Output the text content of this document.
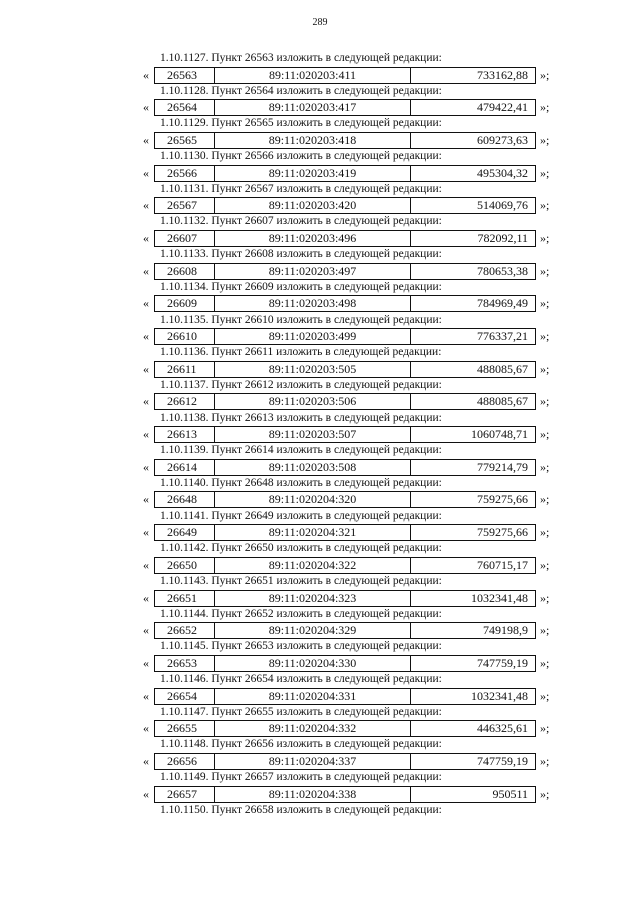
289
1.10.1127. Пункт 26563 изложить в следующей редакции:
«	26563	89:11:020203:411	733162,88	»;
1.10.1128. Пункт 26564 изложить в следующей редакции:
«	26564	89:11:020203:417	479422,41	»;
1.10.1129. Пункт 26565 изложить в следующей редакции:
«	26565	89:11:020203:418	609273,63	»;
1.10.1130. Пункт 26566 изложить в следующей редакции:
«	26566	89:11:020203:419	495304,32	»;
1.10.1131. Пункт 26567 изложить в следующей редакции:
«	26567	89:11:020203:420	514069,76	»;
1.10.1132. Пункт 26607 изложить в следующей редакции:
«	26607	89:11:020203:496	782092,11	»;
1.10.1133. Пункт 26608 изложить в следующей редакции:
«	26608	89:11:020203:497	780653,38	»;
1.10.1134. Пункт 26609 изложить в следующей редакции:
«	26609	89:11:020203:498	784969,49	»;
1.10.1135. Пункт 26610 изложить в следующей редакции:
«	26610	89:11:020203:499	776337,21	»;
1.10.1136. Пункт 26611 изложить в следующей редакции:
«	26611	89:11:020203:505	488085,67	»;
1.10.1137. Пункт 26612 изложить в следующей редакции:
«	26612	89:11:020203:506	488085,67	»;
1.10.1138. Пункт 26613 изложить в следующей редакции:
«	26613	89:11:020203:507	1060748,71	»;
1.10.1139. Пункт 26614 изложить в следующей редакции:
«	26614	89:11:020203:508	779214,79	»;
1.10.1140. Пункт 26648 изложить в следующей редакции:
«	26648	89:11:020204:320	759275,66	»;
1.10.1141. Пункт 26649 изложить в следующей редакции:
«	26649	89:11:020204:321	759275,66	»;
1.10.1142. Пункт 26650 изложить в следующей редакции:
«	26650	89:11:020204:322	760715,17	»;
1.10.1143. Пункт 26651 изложить в следующей редакции:
«	26651	89:11:020204:323	1032341,48	»;
1.10.1144. Пункт 26652 изложить в следующей редакции:
«	26652	89:11:020204:329	749198,9	»;
1.10.1145. Пункт 26653 изложить в следующей редакции:
«	26653	89:11:020204:330	747759,19	»;
1.10.1146. Пункт 26654 изложить в следующей редакции:
«	26654	89:11:020204:331	1032341,48	»;
1.10.1147. Пункт 26655 изложить в следующей редакции:
«	26655	89:11:020204:332	446325,61	»;
1.10.1148. Пункт 26656 изложить в следующей редакции:
«	26656	89:11:020204:337	747759,19	»;
1.10.1149. Пункт 26657 изложить в следующей редакции:
«	26657	89:11:020204:338	950511	»;
1.10.1150. Пункт 26658 изложить в следующей редакции:
